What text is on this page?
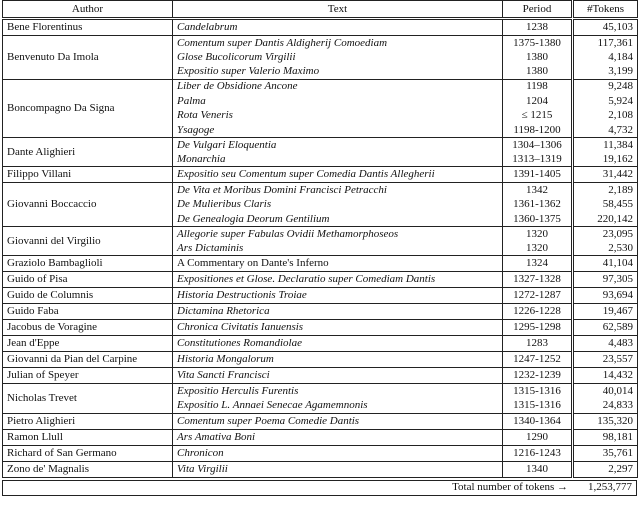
Author	Text	Period	#Tokens
Bene Florentinus	Candelabrum	1238	45,103
Benvenuto Da Imola	Comentum super Dantis Aldigherij Comoediam	1375-1380	117,361
	Glose Bucolicorum Virgilii	1380	4,184
	Expositio super Valerio Maximo	1380	3,199
Boncompagno Da Signa	Liber de Obsidione Ancone	1198	9,248
	Palma	1204	5,924
	Rota Veneris	≤ 1215	2,108
	Ysagoge	1198-1200	4,732
Dante Alighieri	De Vulgari Eloquentia	1304–1306	11,384
	Monarchia	1313–1319	19,162
Filippo Villani	Expositio seu Comentum super Comedia Dantis Allegherii	1391-1405	31,442
Giovanni Boccaccio	De Vita et Moribus Domini Francisci Petracchi	1342	2,189
	De Mulieribus Claris	1361-1362	58,455
	De Genealogia Deorum Gentilium	1360-1375	220,142
Giovanni del Virgilio	Allegorie super Fabulas Ovidii Methamorphoseos	1320	23,095
	Ars Dictaminis	1320	2,530
Graziolo Bambaglioli	A Commentary on Dante's Inferno	1324	41,104
Guido of Pisa	Expositiones et Glose. Declaratio super Comediam Dantis	1327-1328	97,305
Guido de Columnis	Historia Destructionis Troiae	1272-1287	93,694
Guido Faba	Dictamina Rhetorica	1226-1228	19,467
Jacobus de Voragine	Chronica Civitatis Ianuensis	1295-1298	62,589
Jean d'Eppe	Constitutiones Romandiolae	1283	4,483
Giovanni da Pian del Carpine	Historia Mongalorum	1247-1252	23,557
Julian of Speyer	Vita Sancti Francisci	1232-1239	14,432
Nicholas Trevet	Expositio Herculis Furentis	1315-1316	40,014
	Expositio L. Annaei Senecae Agamemnonis	1315-1316	24,833
Pietro Alighieri	Comentum super Poema Comedie Dantis	1340-1364	135,320
Ramon Llull	Ars Amativa Boni	1290	98,181
Richard of San Germano	Chronicon	1216-1243	35,761
Zono de' Magnalis	Vita Virgilii	1340	2,297
Total number of tokens →	1,253,777
